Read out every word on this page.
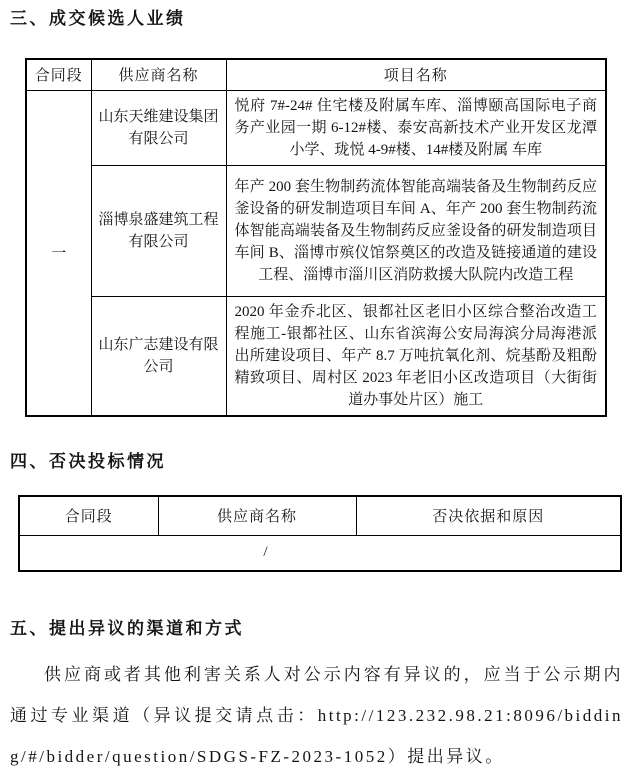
三、成交候选人业绩
合同段	供应商名称	项目名称
一	山东天维建设集团有限公司	悦府 7#-24# 住宅楼及附属车库、淄博颐高国际电子商务产业园一期 6-12#楼、泰安高新技术产业开发区龙潭小学、珑悦 4-9#楼、14#楼及附属 车库
	淄博泉盛建筑工程有限公司	年产 200 套生物制药流体智能高端装备及生物制药反应釜设备的研发制造项目车间 A、年产 200 套生物制药流体智能高端装备及生物制药反应釜设备的研发制造项目车间 B、淄博市殡仪馆祭奠区的改造及链接通道的建设工程、淄博市淄川区消防救援大队院内改造工程
	山东广志建设有限公司	2020 年金乔北区、银都社区老旧小区综合整治改造工程施工-银都社区、山东省滨海公安局海滨分局海港派出所建设项目、年产 8.7 万吨抗氧化剂、烷基酚及粗酚精致项目、周村区 2023 年老旧小区改造项目（大街街道办事处片区）施工
四、否决投标情况
合同段	供应商名称	否决依据和原因
/
五、提出异议的渠道和方式

供应商或者其他利害关系人对公示内容有异议的，应当于公示期内通过专业渠道（异议提交请点击：http://123.232.98.21:8096/bidding/#/bidder/question/SDGS-FZ-2023-1052）提出异议。
